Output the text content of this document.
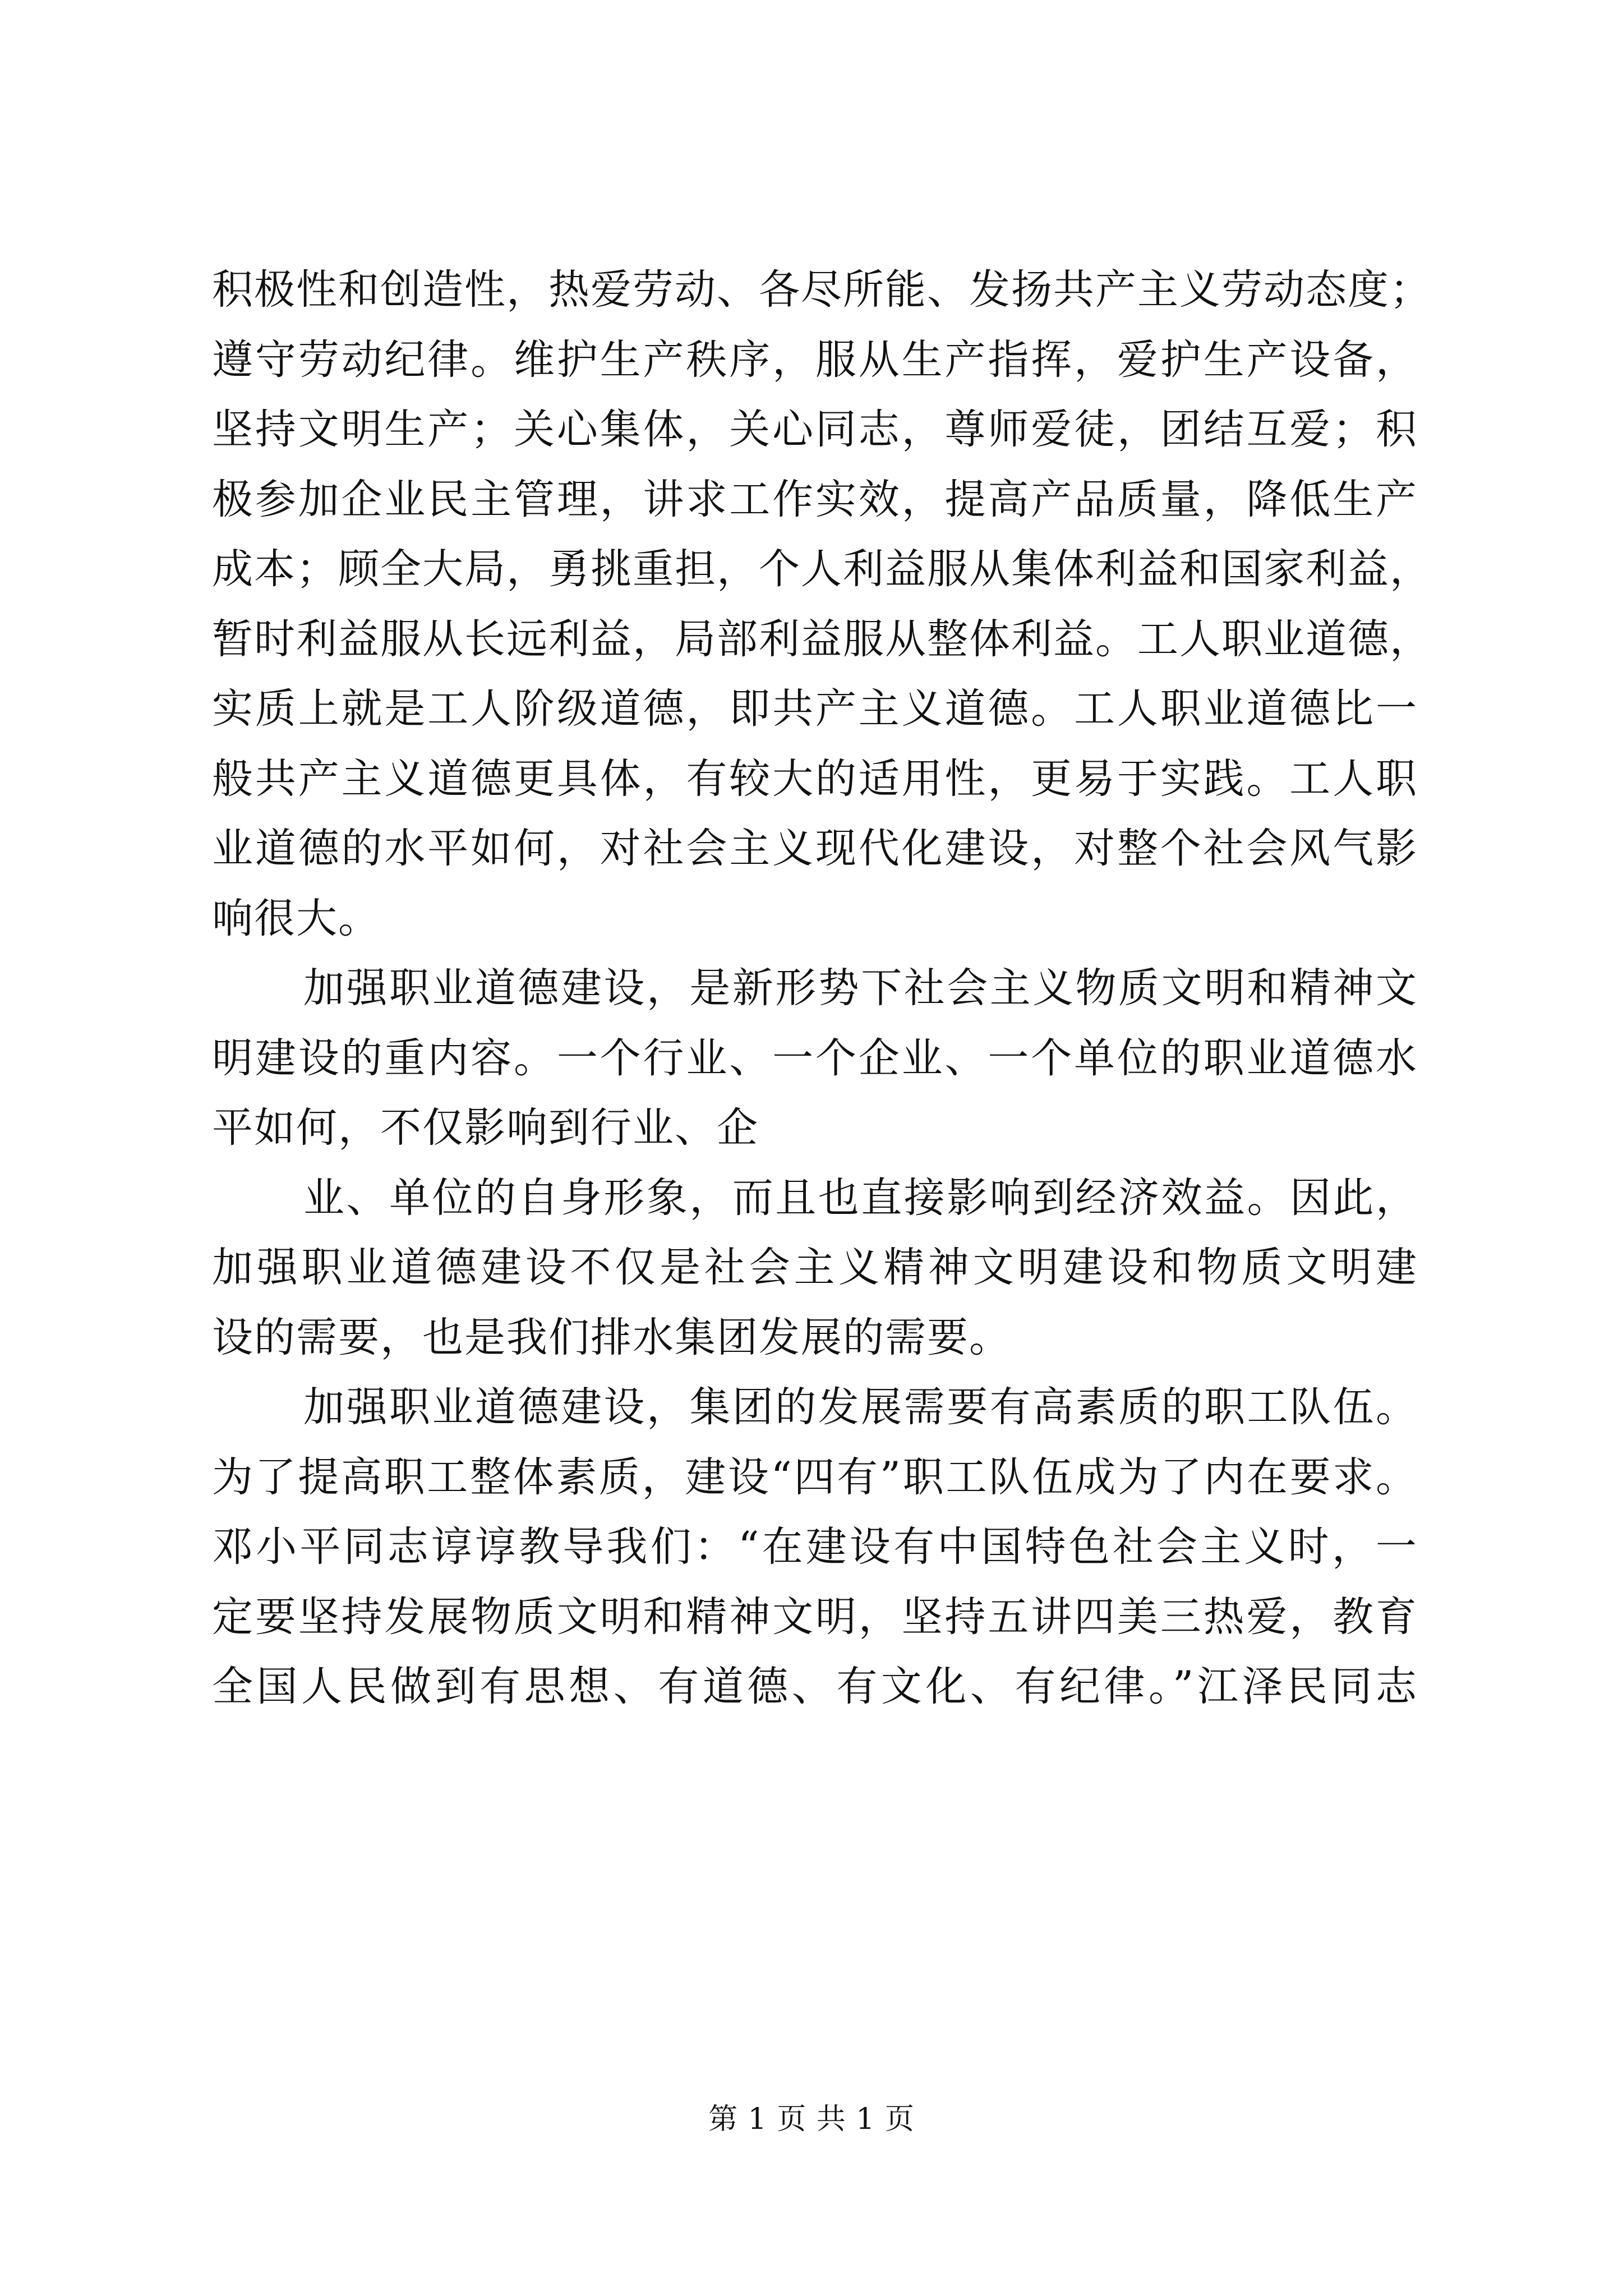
积极性和创造性，热爱劳动、各尽所能、发扬共产主义劳动态度；
遵守劳动纪律。维护生产秩序，服从生产指挥，爱护生产设备，
坚持文明生产；关心集体，关心同志，尊师爱徒，团结互爱；积
极参加企业民主管理，讲求工作实效，提高产品质量，降低生产
成本；顾全大局，勇挑重担，个人利益服从集体利益和国家利益，
暂时利益服从长远利益，局部利益服从整体利益。工人职业道德，
实质上就是工人阶级道德，即共产主义道德。工人职业道德比一
般共产主义道德更具体，有较大的适用性，更易于实践。工人职
业道德的水平如何，对社会主义现代化建设，对整个社会风气影
响很大。
加强职业道德建设，是新形势下社会主义物质文明和精神文
明建设的重内容。一个行业、一个企业、一个单位的职业道德水
平如何，不仅影响到行业、企
业、单位的自身形象，而且也直接影响到经济效益。因此，
加强职业道德建设不仅是社会主义精神文明建设和物质文明建
设的需要，也是我们排水集团发展的需要。
加强职业道德建设，集团的发展需要有高素质的职工队伍。
为了提高职工整体素质，建设“四有”职工队伍成为了内在要求。
邓小平同志谆谆教导我们：“在建设有中国特色社会主义时，一
定要坚持发展物质文明和精神文明，坚持五讲四美三热爱，教育
全国人民做到有思想、有道德、有文化、有纪律。”江泽民同志
第 1 页 共 1 页
